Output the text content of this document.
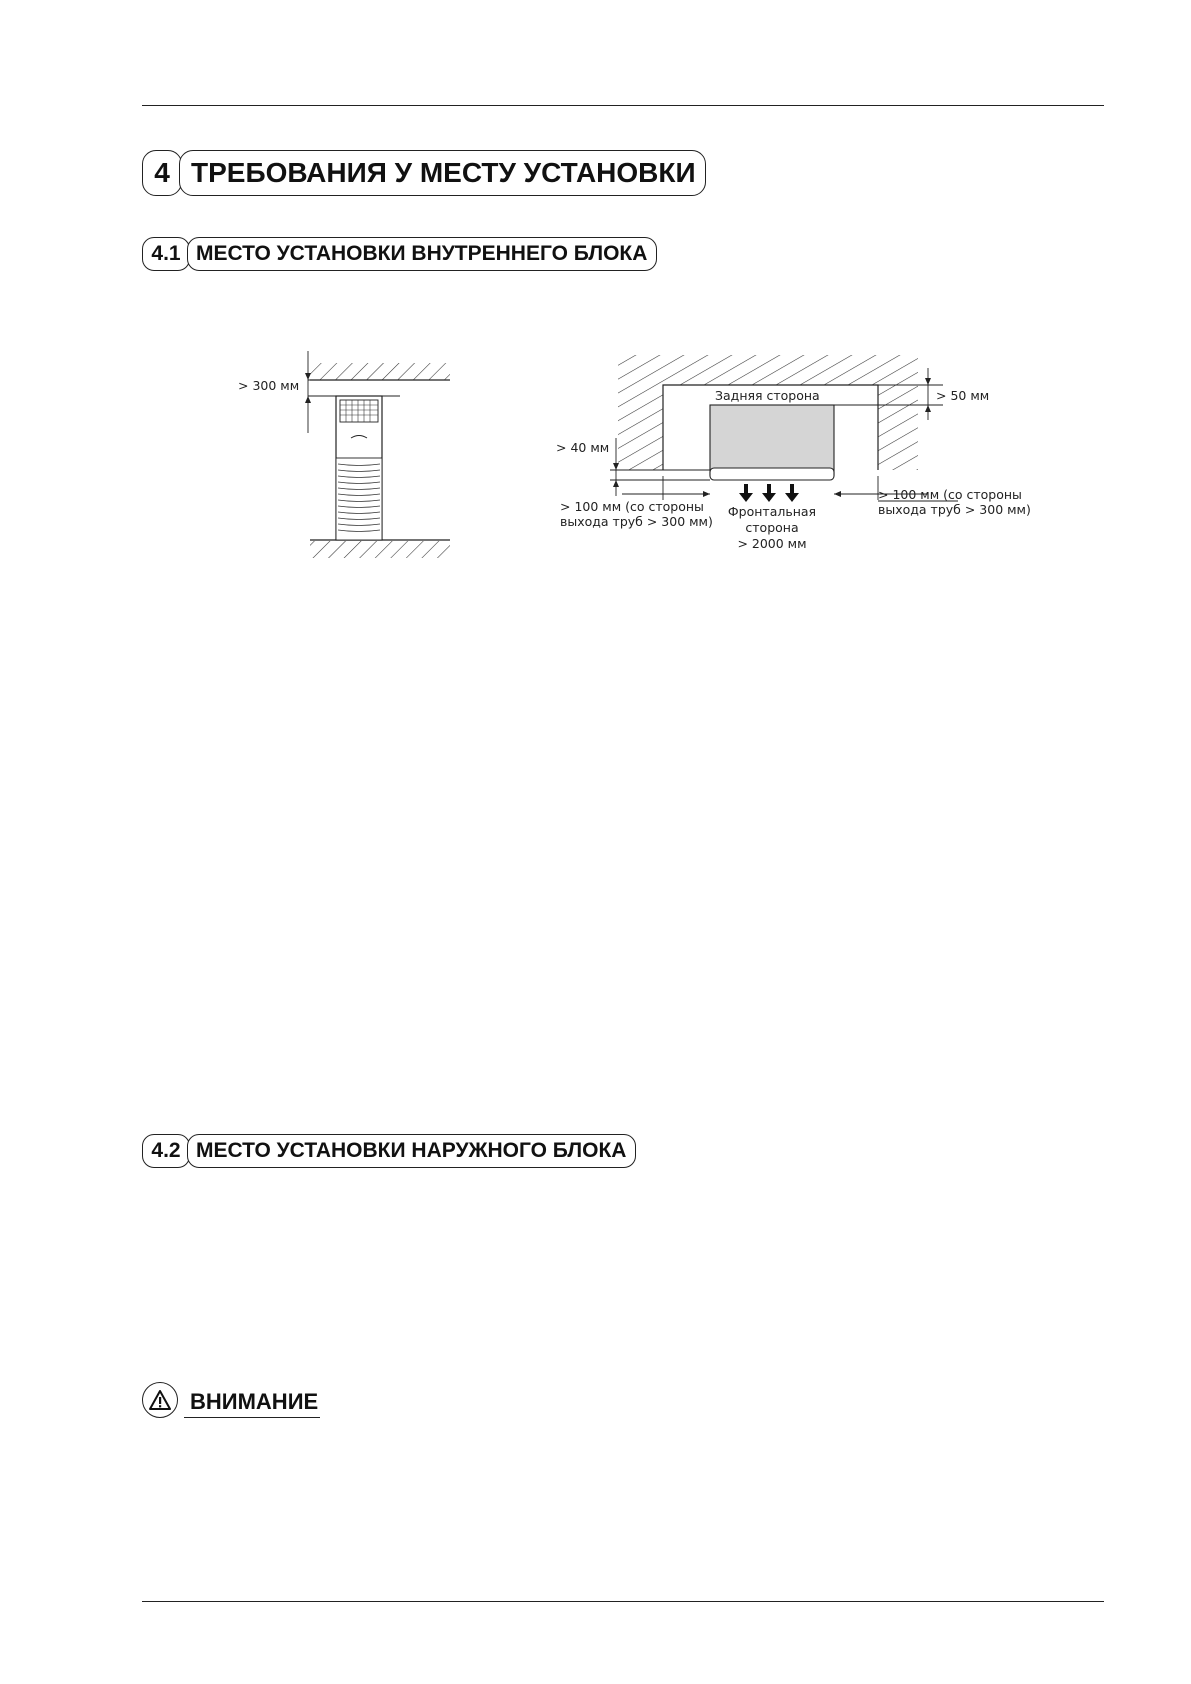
4 ТРЕБОВАНИЯ У МЕСТУ УСТАНОВКИ
4.1 МЕСТО УСТАНОВКИ ВНУТРЕННЕГО БЛОКА
> 300 мм
Задняя сторона	> 50 мм
> 40 мм
> 100 мм (со стороны
выхода труб > 300 мм)
> 100 мм (со стороны
выхода труб > 300 мм)
Фронтальная
сторона
> 2000 мм
4.2 МЕСТО УСТАНОВКИ НАРУЖНОГО БЛОКА
ВНИМАНИЕ
